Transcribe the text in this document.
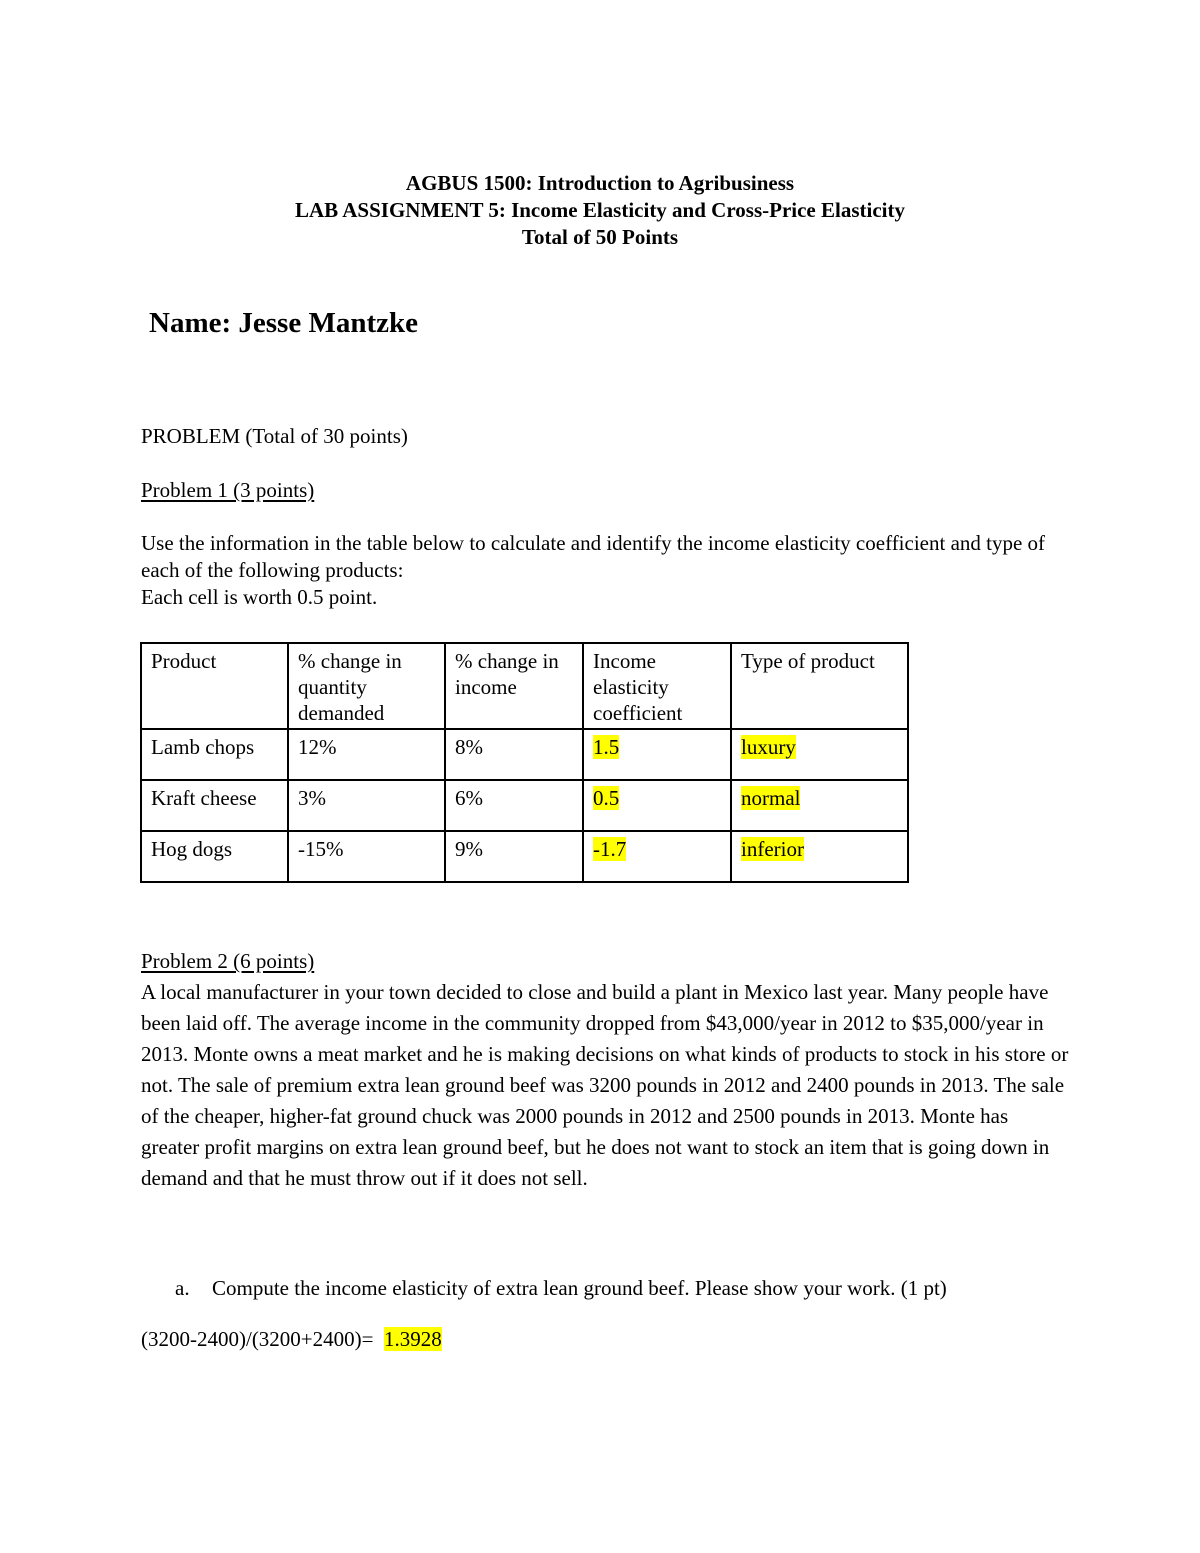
AGBUS 1500: Introduction to Agribusiness
LAB ASSIGNMENT 5: Income Elasticity and Cross-Price Elasticity
Total of 50 Points
Name: Jesse Mantzke
PROBLEM (Total of 30 points)
Problem 1 (3 points)
Use the information in the table below to calculate and identify the income elasticity coefficient and type of each of the following products:
Each cell is worth 0.5 point.
Product	% change in quantity demanded	% change in income	Income elasticity coefficient	Type of product
Lamb chops	12%	8%	1.5	luxury
Kraft cheese	3%	6%	0.5	normal
Hog dogs	-15%	9%	-1.7	inferior
Problem 2 (6 points)
A local manufacturer in your town decided to close and build a plant in Mexico last year. Many people have been laid off. The average income in the community dropped from $43,000/year in 2012 to $35,000/year in 2013. Monte owns a meat market and he is making decisions on what kinds of products to stock in his store or not. The sale of premium extra lean ground beef was 3200 pounds in 2012 and 2400 pounds in 2013. The sale of the cheaper, higher-fat ground chuck was 2000 pounds in 2012 and 2500 pounds in 2013. Monte has greater profit margins on extra lean ground beef, but he does not want to stock an item that is going down in demand and that he must throw out if it does not sell.
a. Compute the income elasticity of extra lean ground beef. Please show your work. (1 pt)
(3200-2400)/(3200+2400)= 1.3928
